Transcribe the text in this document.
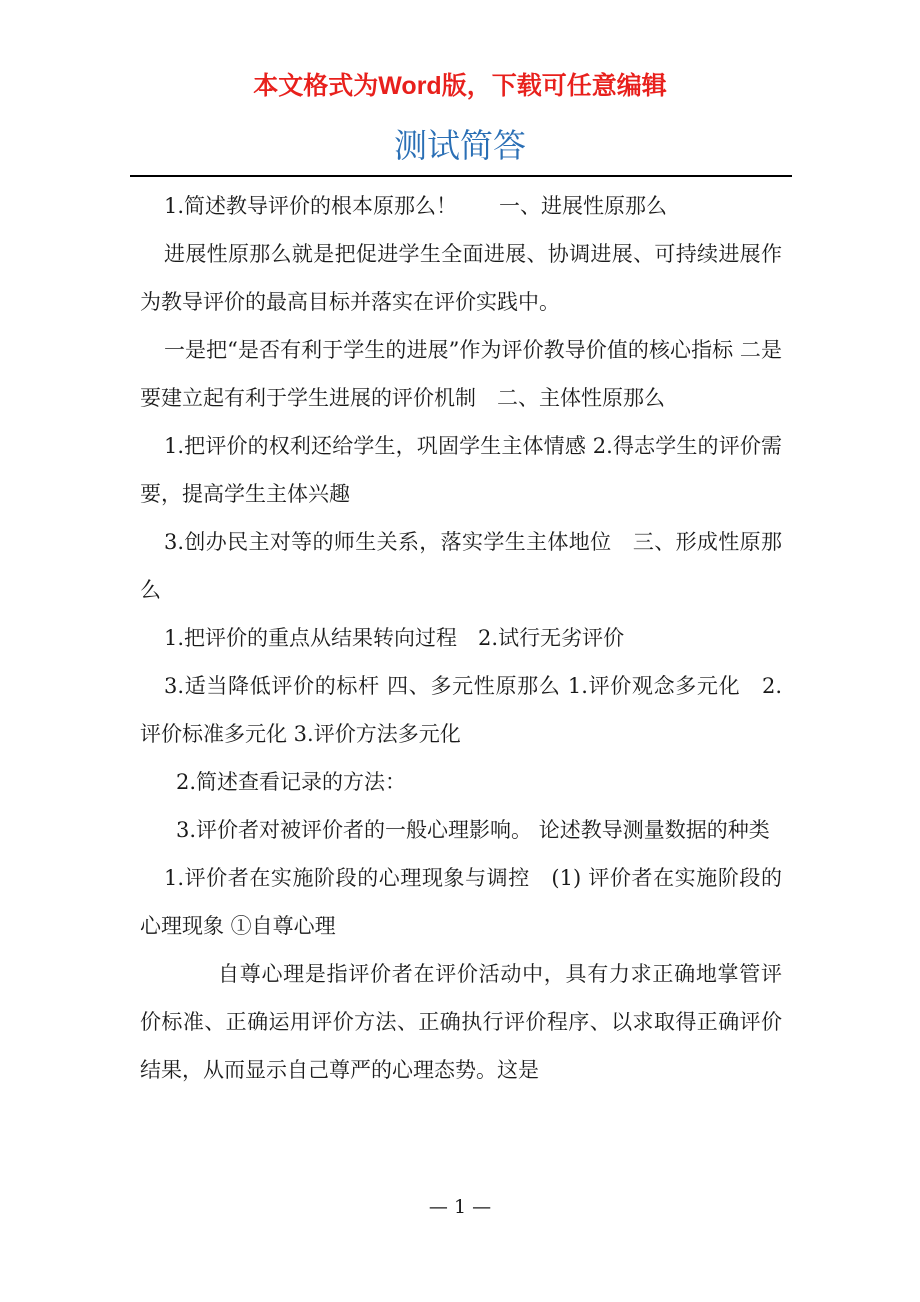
本文格式为Word版，下载可任意编辑
测试简答

1.简述教导评价的根本原那么！　　一、进展性原那么

进展性原那么就是把促进学生全面进展、协调进展、可持续进展作为教导评价的最高目标并落实在评价实践中。

一是把“是否有利于学生的进展”作为评价教导价值的核心指标 二是要建立起有利于学生进展的评价机制　二、主体性原那么

1.把评价的权利还给学生，巩固学生主体情感 2.得志学生的评价需要，提高学生主体兴趣

3.创办民主对等的师生关系，落实学生主体地位　三、形成性原那么

1.把评价的重点从结果转向过程　2.试行无劣评价

3.适当降低评价的标杆 四、多元性原那么 1.评价观念多元化　2.评价标准多元化 3.评价方法多元化

2.简述查看记录的方法：

3.评价者对被评价者的一般心理影响。 论述教导测量数据的种类

1.评价者在实施阶段的心理现象与调控　(1) 评价者在实施阶段的心理现象 ①自尊心理

自尊心理是指评价者在评价活动中，具有力求正确地掌管评价标准、正确运用评价方法、正确执行评价程序、以求取得正确评价结果，从而显示自己尊严的心理态势。这是

— 1 —
